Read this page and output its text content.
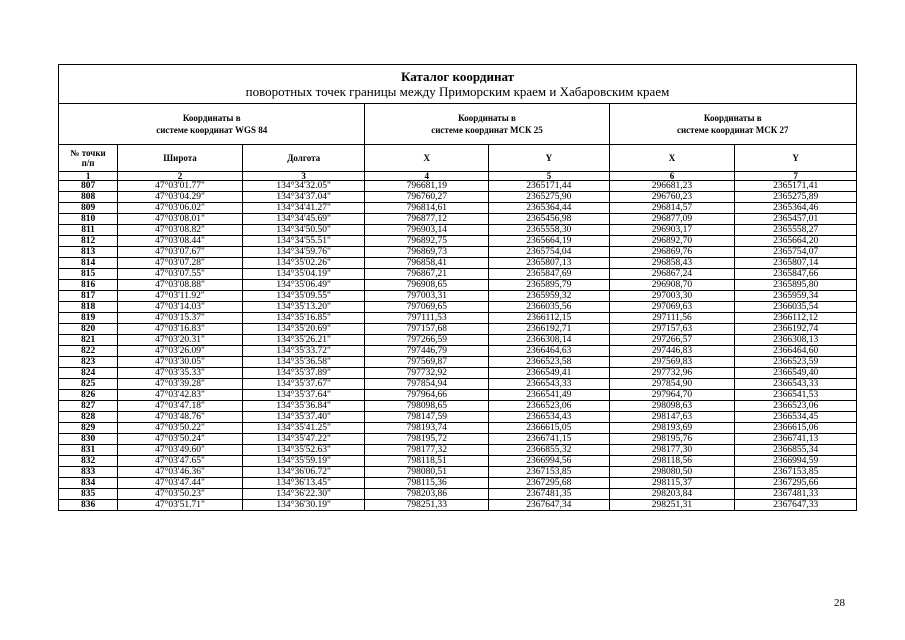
Каталог координат
поворотных точек границы между Приморским краем и Хабаровским краем						

Координаты в
системе координат WGS 84			Координаты в
системе координат МСК 25		Координаты в
системе координат МСК 27	
№ точки
п/п	Широта	Долгота	X	Y	X	Y
1	2	3	4	5	6	7
807	47°03'01.77"	134°34'32.05"	796681,19	2365171,44	296681,23	2365171,41
808	47°03'04.29"	134°34'37.04"	796760,27	2365275,90	296760,23	2365275,89
809	47°03'06.02"	134°34'41.27"	796814,61	2365364,44	296814,57	2365364,46
810	47°03'08.01"	134°34'45.69"	796877,12	2365456,98	296877,09	2365457,01
811	47°03'08.82"	134°34'50.50"	796903,14	2365558,30	296903,17	2365558,27
812	47°03'08.44"	134°34'55.51"	796892,75	2365664,19	296892,70	2365664,20
813	47°03'07.67"	134°34'59.76"	796869,73	2365754,04	296869,76	2365754,07
814	47°03'07.28"	134°35'02.26"	796858,41	2365807,13	296858,43	2365807,14
815	47°03'07.55"	134°35'04.19"	796867,21	2365847,69	296867,24	2365847,66
816	47°03'08.88"	134°35'06.49"	796908,65	2365895,79	296908,70	2365895,80
817	47°03'11.92"	134°35'09.55"	797003,31	2365959,32	297003,30	2365959,34
818	47°03'14.03"	134°35'13.20"	797069,65	2366035,56	297069,63	2366035,54
819	47°03'15.37"	134°35'16.85"	797111,53	2366112,15	297111,56	2366112,12
820	47°03'16.83"	134°35'20.69"	797157,68	2366192,71	297157,63	2366192,74
821	47°03'20.31"	134°35'26.21"	797266,59	2366308,14	297266,57	2366308,13
822	47°03'26.09"	134°35'33.72"	797446,79	2366464,63	297446,83	2366464,60
823	47°03'30.05"	134°35'36.58"	797569,87	2366523,58	297569,83	2366523,59
824	47°03'35.33"	134°35'37.89"	797732,92	2366549,41	297732,96	2366549,40
825	47°03'39.28"	134°35'37.67"	797854,94	2366543,33	297854,90	2366543,33
826	47°03'42.83"	134°35'37.64"	797964,66	2366541,49	297964,70	2366541,53
827	47°03'47.18"	134°35'36.84"	798098,65	2366523,06	298098,63	2366523,06
828	47°03'48.76"	134°35'37.40"	798147,59	2366534,43	298147,63	2366534,45
829	47°03'50.22"	134°35'41.25"	798193,74	2366615,05	298193,69	2366615,06
830	47°03'50.24"	134°35'47.22"	798195,72	2366741,15	298195,76	2366741,13
831	47°03'49.60"	134°35'52.63"	798177,32	2366855,32	298177,30	2366855,34
832	47°03'47.65"	134°35'59.19"	798118,51	2366994,56	298118,56	2366994,59
833	47°03'46.36"	134°36'06.72"	798080,51	2367153,85	298080,50	2367153,85
834	47°03'47.44"	134°36'13.45"	798115,36	2367295,68	298115,37	2367295,66
835	47°03'50.23"	134°36'22.30"	798203,86	2367481,35	298203,84	2367481,33
836	47°03'51.71"	134°36'30.19"	798251,33	2367647,34	298251,31	2367647,33
28
